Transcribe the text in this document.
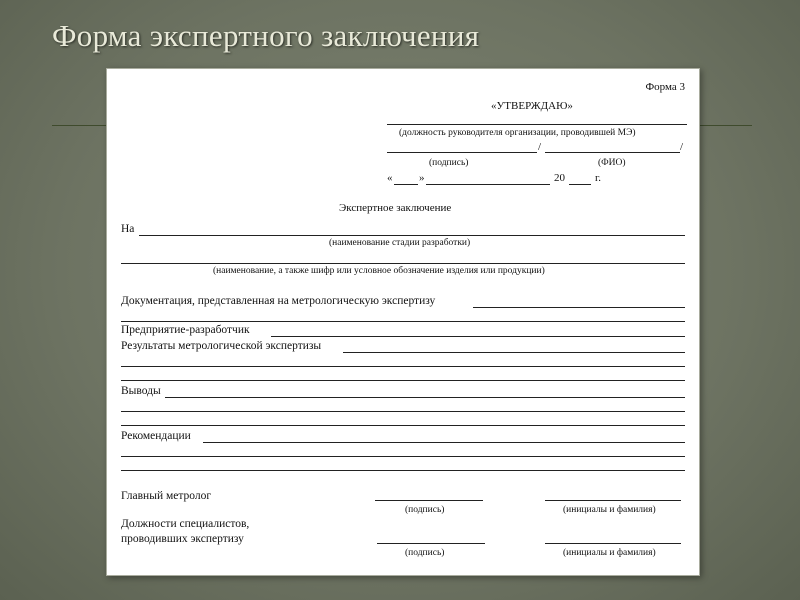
Форма экспертного заключения
Форма 3
«УТВЕРЖДАЮ»
(должность руководителя организации, проводившей МЭ)
/	/
(подпись)	(ФИО)
« »	20	г.
Экспертное заключение
На
(наименование стадии разработки)
(наименование, а также шифр или условное обозначение изделия или продукции)
Документация, представленная на метрологическую экспертизу
Предприятие-разработчик
Результаты метрологической экспертизы
Выводы
Рекомендации
Главный метролог
(подпись)	(инициалы и фамилия)
Должности специалистов,
проводивших экспертизу
(подпись)	(инициалы и фамилия)
